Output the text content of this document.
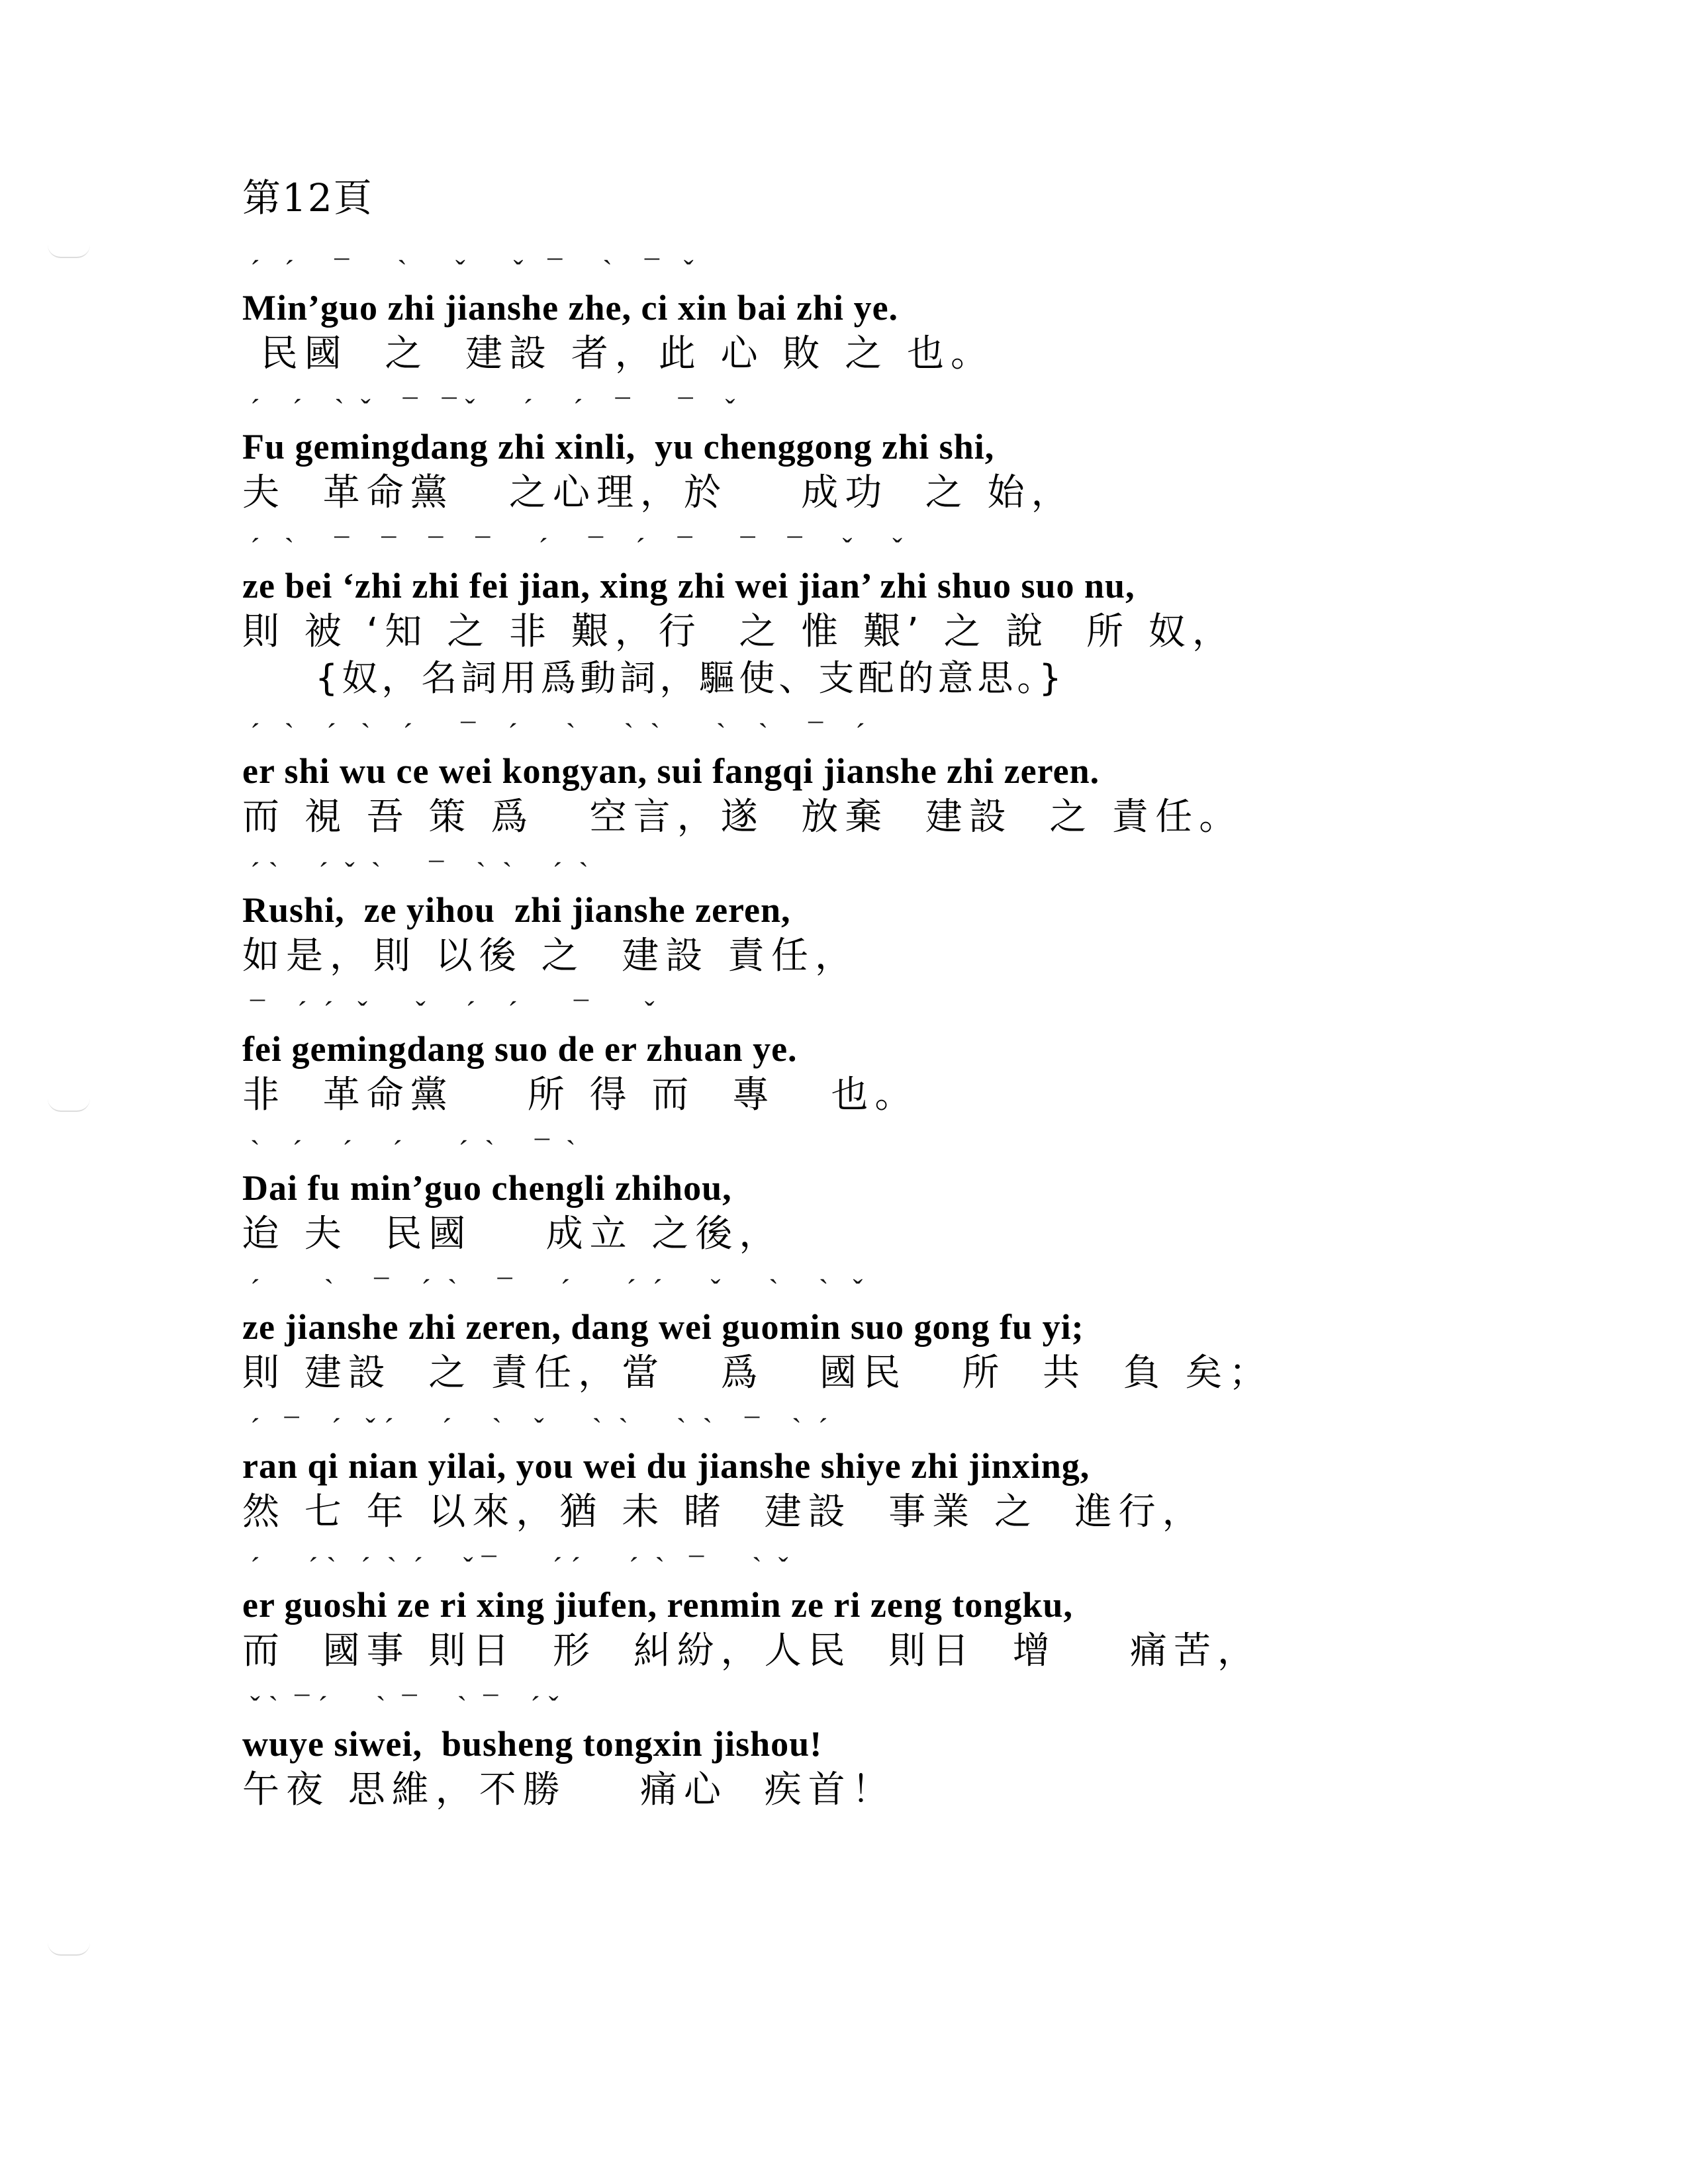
第12頁
ˊ   ˊ     ¯      ˋ      ˇ      ˇ   ¯     ˋ    ¯   ˇ
Min’guo zhi jianshe zhe, ci xin bai zhi ye.
民國  之  建設 者，此 心 敗 之 也。
ˊ    ˊ    ˋ  ˇ    ¯   ¯ ˇ      ˊ     ˊ    ¯      ¯    ˇ
Fu gemingdang zhi xinli,  yu chenggong zhi shi,
夫  革命黨   之心理，於    成功  之 始，
ˊ   ˋ     ¯    ¯    ¯    ¯      ˊ     ¯    ˊ    ¯      ¯    ¯     ˇ     ˇ
ze bei ‘zhi zhi fei jian, xing zhi wei jian’ zhi shuo suo nu,
則 被 ‘知 之 非 艱，行  之 惟 艱’ 之 說  所 奴，
{奴，名詞用爲動詞，驅使、支配的意思。}
ˊ   ˋ    ˊ   ˋ    ˊ      ¯    ˊ      ˋ      ˋ  ˋ       ˋ    ˋ     ¯    ˊ
er shi wu ce wei kongyan, sui fangqi jianshe zhi zeren.
而 視 吾 策 爲   空言，遂  放棄  建設  之 責任。
ˊ ˋ     ˊ  ˇ  ˋ      ¯    ˋ  ˋ     ˊ  ˋ
Rushi,  ze yihou  zhi jianshe zeren,
如是，則 以後 之  建設 責任，
¯    ˊ  ˊ   ˇ      ˇ     ˊ    ˊ       ¯       ˇ
fei gemingdang suo de er zhuan ye.
非  革命黨    所 得 而  專   也。
ˋ    ˊ     ˊ     ˊ       ˊ  ˋ     ¯  ˋ
Dai fu min’guo chengli zhihou,
迨 夫  民國    成立 之後，
ˊ        ˋ     ¯    ˊ  ˋ     ¯      ˊ       ˊ  ˊ      ˇ      ˋ     ˋ   ˇ
ze jianshe zhi zeren, dang wei guomin suo gong fu yi;
則 建設  之 責任，當   爲   國民   所  共  負 矣；
ˊ   ¯    ˊ   ˇ ˊ      ˊ     ˋ    ˇ      ˋ  ˋ      ˋ  ˋ    ¯    ˋ  ˊ
ran qi nian yilai, you wei du jianshe shiye zhi jinxing,
然 七 年 以來，猶 未 睹  建設  事業 之  進行，
ˊ      ˊ ˋ   ˊ  ˋ  ˊ     ˇ ¯       ˊ ˊ      ˊ  ˋ   ¯      ˋ  ˇ
er guoshi ze ri xing jiufen, renmin ze ri zeng tongku,
而  國事 則日  形  糾紛，人民  則日  增    痛苦，
ˇ ˋ  ¯ ˊ      ˋ  ¯     ˋ  ¯    ˊ ˇ
wuye siwei,  busheng tongxin jishou!
午夜 思維，不勝    痛心  疾首！
